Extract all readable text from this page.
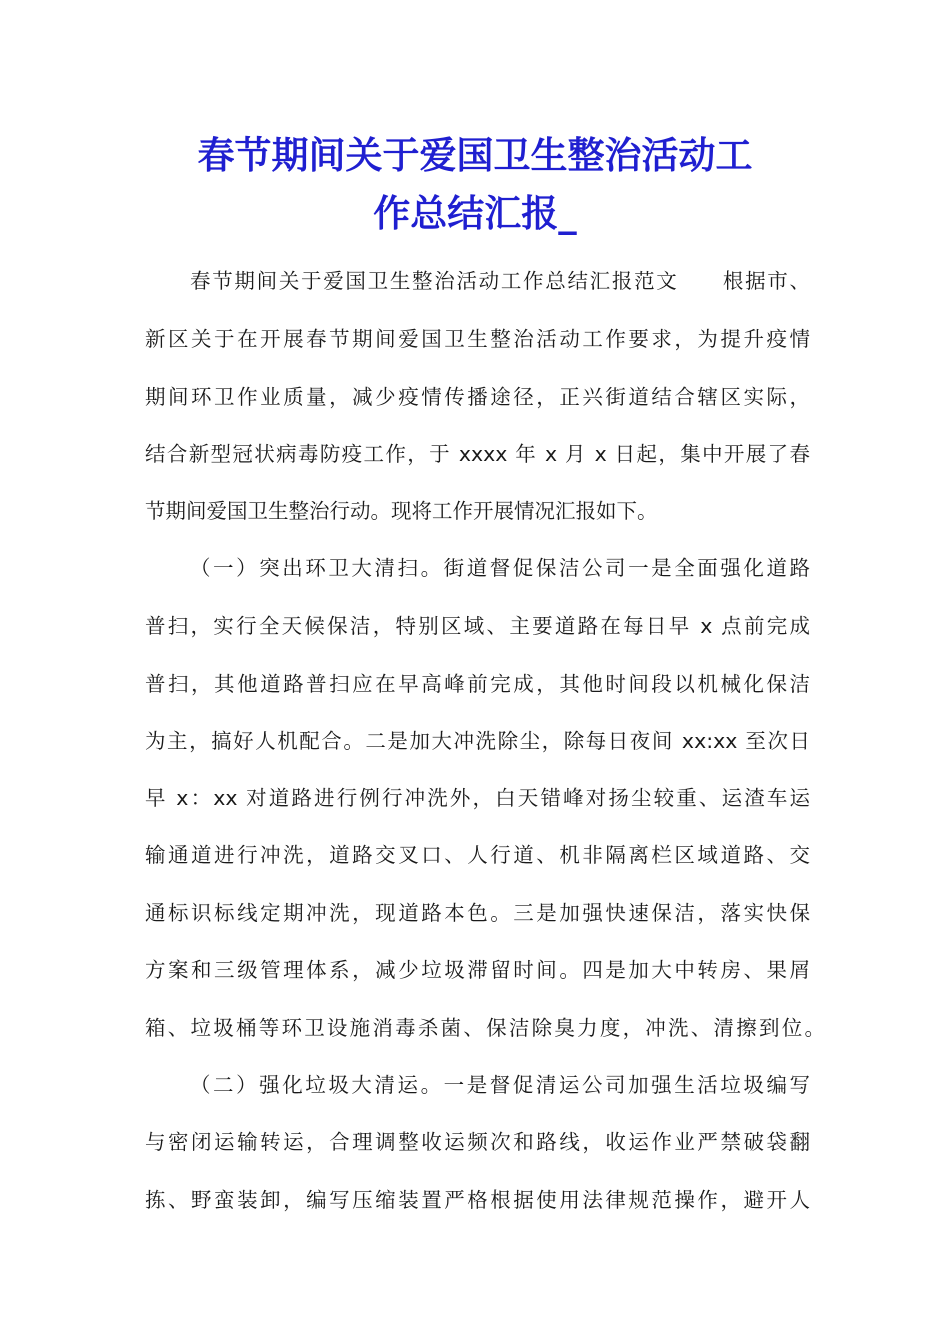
春节期间关于爱国卫生整治活动工
作总结汇报_
春节期间关于爱国卫生整治活动工作总结汇报范文　　根据市、
新区关于在开展春节期间爱国卫生整治活动工作要求，为提升疫情
期间环卫作业质量，减少疫情传播途径，正兴街道结合辖区实际，
结合新型冠状病毒防疫工作，于 xxxx 年 x 月 x 日起，集中开展了春
节期间爱国卫生整治行动。现将工作开展情况汇报如下。
（一）突出环卫大清扫。街道督促保洁公司一是全面强化道路
普扫，实行全天候保洁，特别区域、主要道路在每日早 x 点前完成
普扫，其他道路普扫应在早高峰前完成，其他时间段以机械化保洁
为主，搞好人机配合。二是加大冲洗除尘，除每日夜间 xx:xx 至次日
早 x：xx 对道路进行例行冲洗外，白天错峰对扬尘较重、运渣车运
输通道进行冲洗，道路交叉口、人行道、机非隔离栏区域道路、交
通标识标线定期冲洗，现道路本色。三是加强快速保洁，落实快保
方案和三级管理体系，减少垃圾滞留时间。四是加大中转房、果屑
箱、垃圾桶等环卫设施消毒杀菌、保洁除臭力度，冲洗、清擦到位。
（二）强化垃圾大清运。一是督促清运公司加强生活垃圾编写
与密闭运输转运，合理调整收运频次和路线，收运作业严禁破袋翻
拣、野蛮装卸，编写压缩装置严格根据使用法律规范操作，避开人
